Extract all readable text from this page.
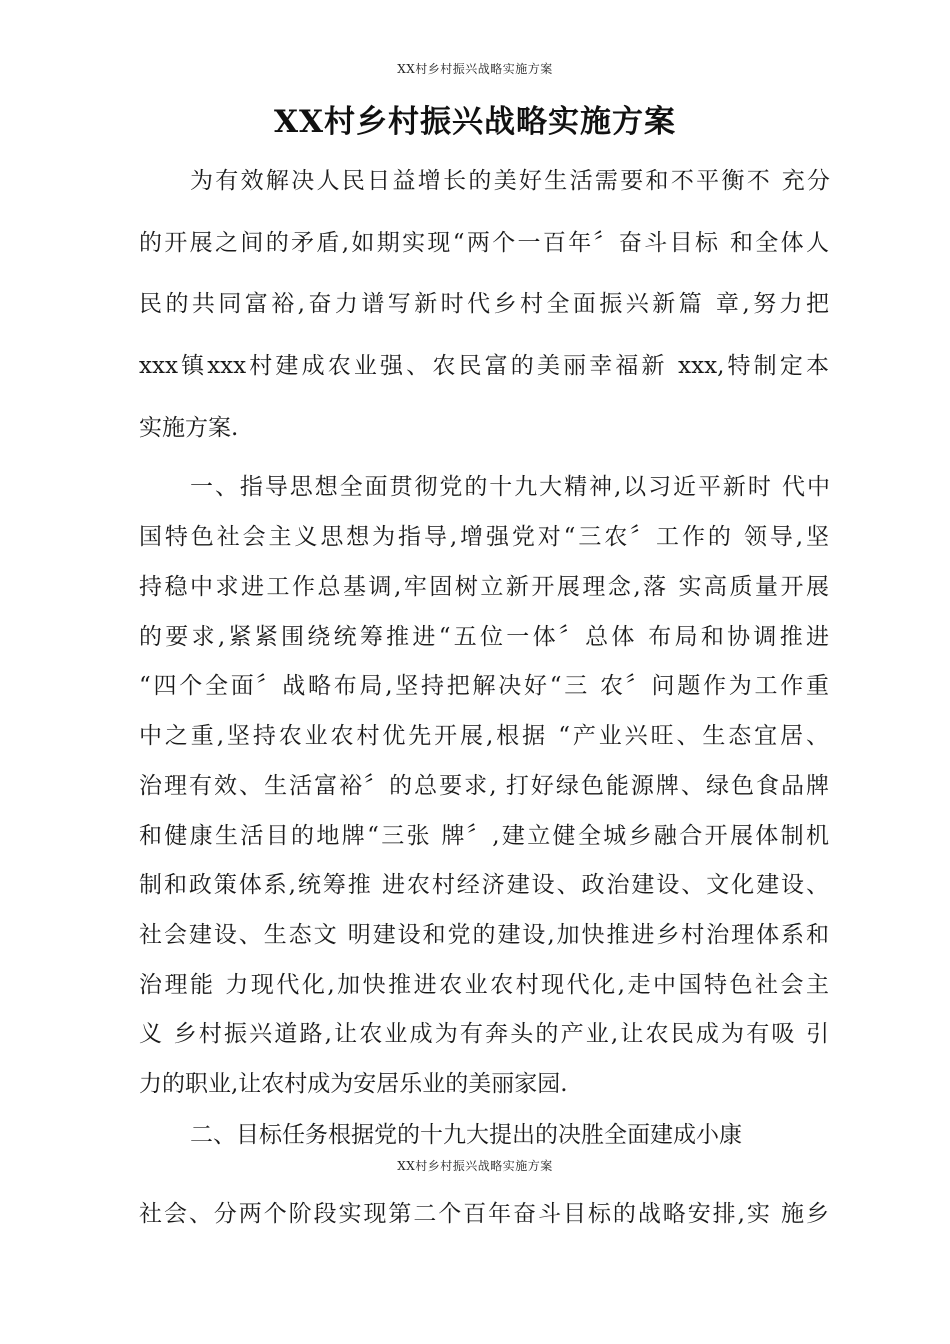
XX村乡村振兴战略实施方案
XX村乡村振兴战略实施方案
为有效解决人民日益增长的美好生活需要和不平衡不 充分
的开展之间的矛盾,如期实现“两个一百年〞奋斗目标 和全体人
民的共同富裕,奋力谱写新时代乡村全面振兴新篇 章,努力把
xxx镇xxx村建成农业强、农民富的美丽幸福新 xxx,特制定本
实施方案.
一、指导思想全面贯彻党的十九大精神,以习近平新时 代中
国特色社会主义思想为指导,增强党对“三农〞工作的 领导,坚
持稳中求进工作总基调,牢固树立新开展理念,落 实高质量开展
的要求,紧紧围绕统筹推进“五位一体〞总体 布局和协调推进
“四个全面〞战略布局,坚持把解决好“三 农〞问题作为工作重
中之重,坚持农业农村优先开展,根据 “产业兴旺、生态宜居、
治理有效、生活富裕〞的总要求, 打好绿色能源牌、绿色食品牌
和健康生活目的地牌“三张 牌〞,建立健全城乡融合开展体制机
制和政策体系,统筹推 进农村经济建设、政治建设、文化建设、
社会建设、生态文 明建设和党的建设,加快推进乡村治理体系和
治理能 力现代化,加快推进农业农村现代化,走中国特色社会主
义 乡村振兴道路,让农业成为有奔头的产业,让农民成为有吸 引
力的职业,让农村成为安居乐业的美丽家园.
二、目标任务根据党的十九大提出的决胜全面建成小康
XX村乡村振兴战略实施方案
社会、分两个阶段实现第二个百年奋斗目标的战略安排,实 施乡
